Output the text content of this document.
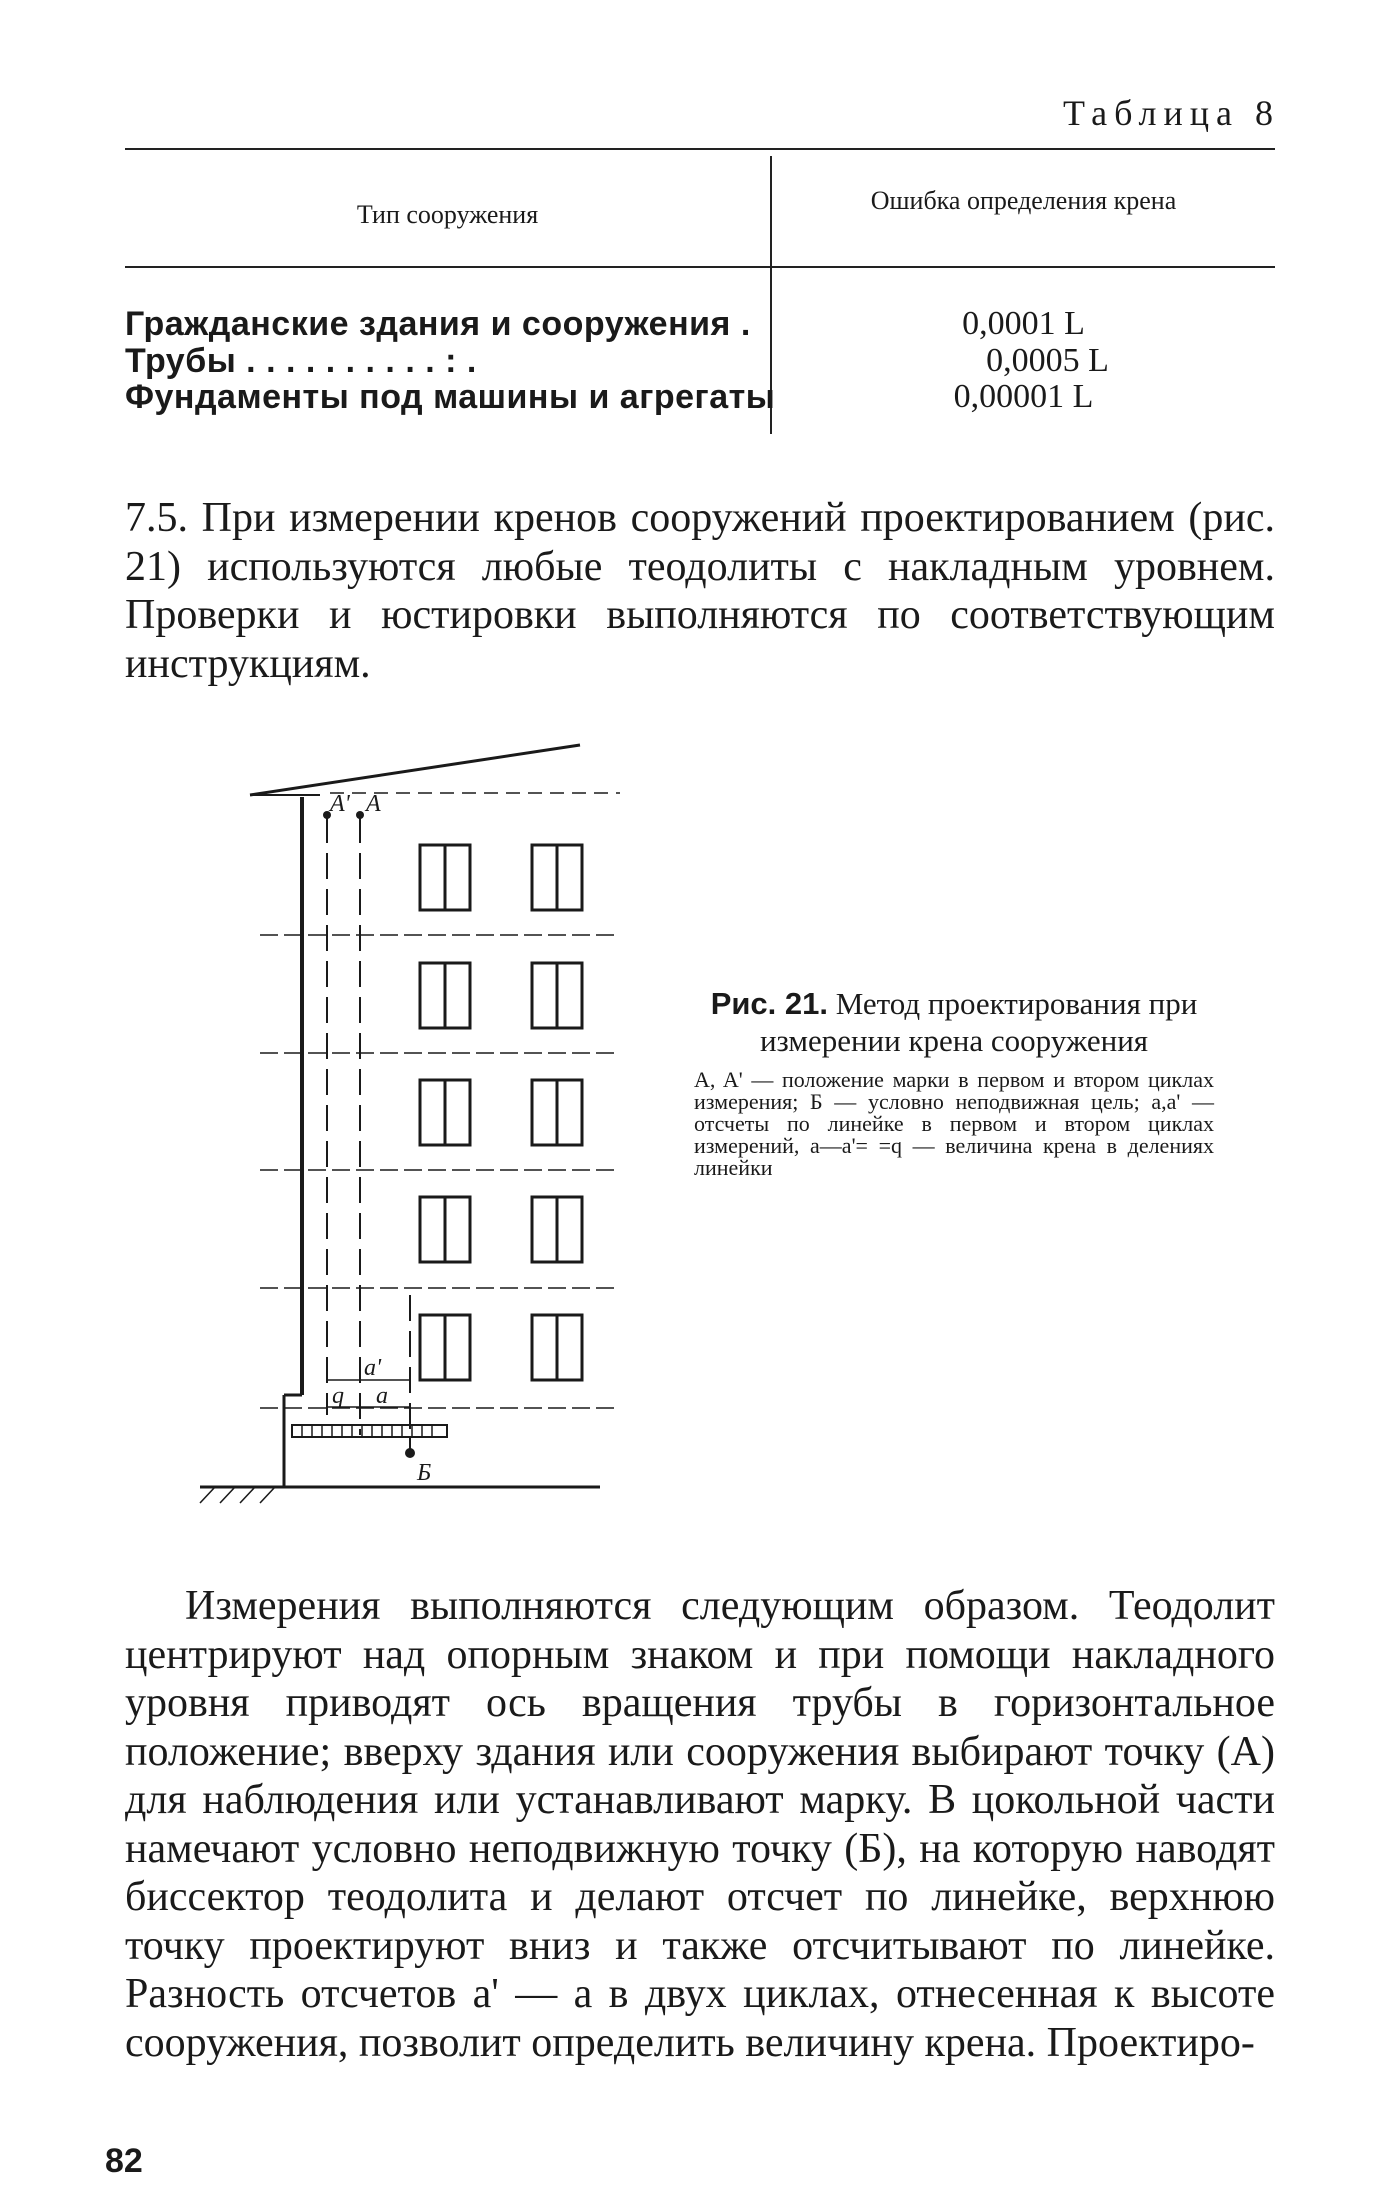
Таблица 8
Тип сооружения	Ошибка определения крена
Гражданские здания и сооружения .	0,0001 L
Трубы . . . . . . . . . . : .	0,0005 L
Фундаменты под машины и агрегаты	0,00001 L

7.5. При измерении кренов сооружений проектированием (рис. 21) используются любые теодолиты с накладным уровнем. Проверки и юстировки выполняются по соответствующим инструкциям.

A' A
a'
a
q
Б
Рис. 21. Метод проектирования при измерении крена сооружения
A, A' — положение марки в первом и втором циклах измерения; Б — условно неподвижная цель; a,a' — отсчеты по линейке в первом и втором циклах измерений, a—a'= =q — величина крена в делениях линейки

Измерения выполняются следующим образом. Теодолит центрируют над опорным знаком и при помощи накладного уровня приводят ось вращения трубы в горизонтальное положение; вверху здания или сооружения выбирают точку (A) для наблюдения или устанавливают марку. В цокольной части намечают условно неподвижную точку (Б), на которую наводят биссектор теодолита и делают отсчет по линейке, верхнюю точку проектируют вниз и также отсчитывают по линейке. Разность отсчетов a' — a в двух циклах, отнесенная к высоте сооружения, позволит определить величину крена. Проектиро-

82
